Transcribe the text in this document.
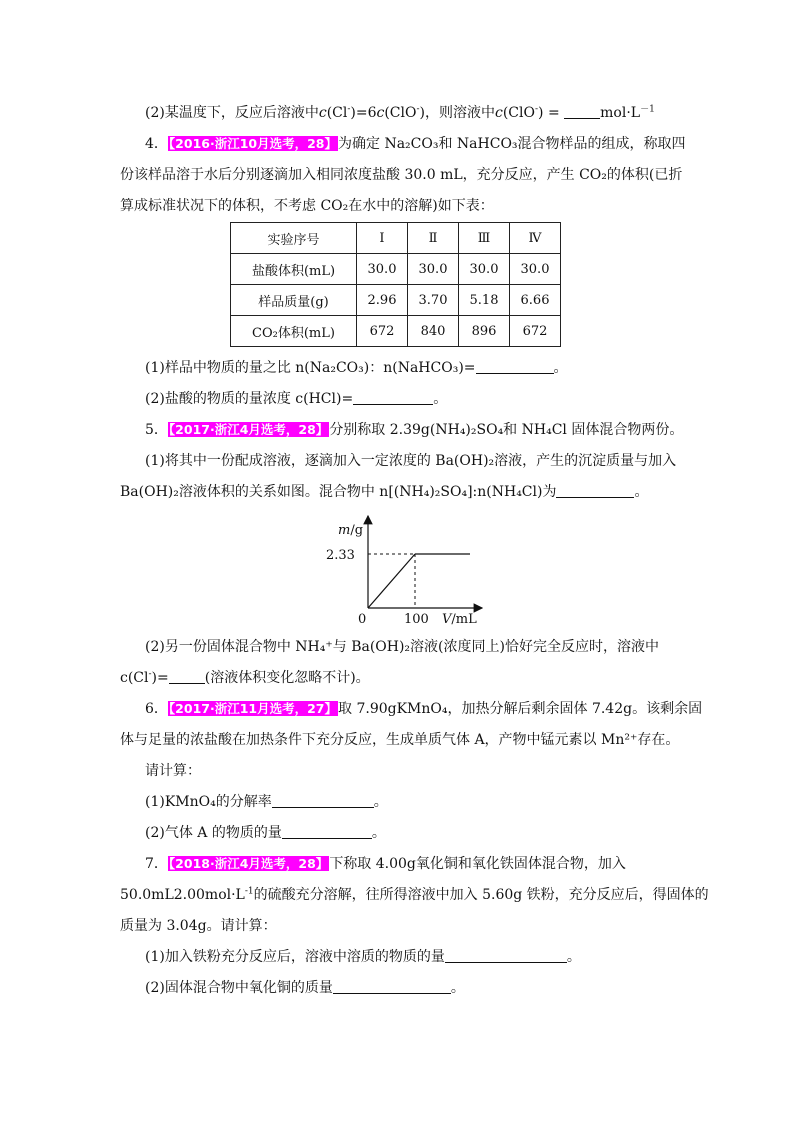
(2)某温度下，反应后溶液中c(Cl-)=6c(ClO-)，则溶液中c(ClO-) =	$mol\cdot L^{-1}$
4．【2016·浙江10月选考，28】为确定 Na₂CO₃和 NaHCO₃混合物样品的组成，称取四
份该样品溶于水后分别逐滴加入相同浓度盐酸 30.0 mL，充分反应，产生 CO₂的体积(已折
算成标准状况下的体积，不考虑 CO₂在水中的溶解)如下表：
实验序号	Ⅰ	Ⅱ	Ⅲ	Ⅳ
盐酸体积(mL)	30.0	30.0	30.0	30.0
样品质量(g)	2.96	3.70	5.18	6.66
CO₂体积(mL)	672	840	896	672
(1)样品中物质的量之比 n(Na₂CO₃)：n(NaHCO₃)=	。
(2)盐酸的物质的量浓度 c(HCl)=	。
5．【2017·浙江4月选考，28】分别称取 2.39g(NH₄)₂SO₄和 NH₄Cl 固体混合物两份。
(1)将其中一份配成溶液，逐滴加入一定浓度的 Ba(OH)₂溶液，产生的沉淀质量与加入
Ba(OH)₂溶液体积的关系如图。混合物中 n[(NH₄)₂SO₄]:n(NH₄Cl)为	。
m/g
2.33
0	100 V/mL
(2)另一份固体混合物中 NH₄⁺与 Ba(OH)₂溶液(浓度同上)恰好完全反应时，溶液中
c(Cl-)=	(溶液体积变化忽略不计)。
6．【2017·浙江11月选考，27】取 7.90gKMnO₄，加热分解后剩余固体 7.42g。该剩余固
体与足量的浓盐酸在加热条件下充分反应，生成单质气体 A，产物中锰元素以 Mn²⁺存在。
请计算：
(1)KMnO₄的分解率	。
(2)气体 A 的物质的量	。
7．【2018·浙江4月选考，28】下称取 4.00g氧化铜和氧化铁固体混合物，加入
$50.0mL2.00mol\cdot L^{-1}$的硫酸充分溶解，往所得溶液中加入 5.60g 铁粉，充分反应后，得固体的
质量为 3.04g。请计算：
(1)加入铁粉充分反应后，溶液中溶质的物质的量	。
(2)固体混合物中氧化铜的质量	。
